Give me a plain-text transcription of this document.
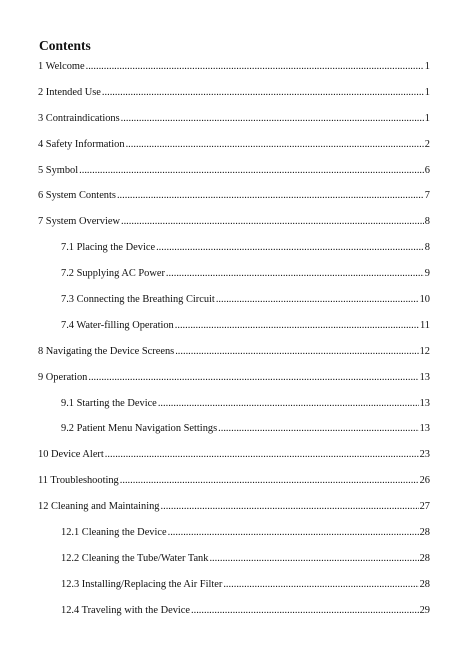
Contents
1 Welcome .....	1
2 Intended Use .....	1
3 Contraindications .....	1
4 Safety Information .....	2
5 Symbol .....	6
6 System Contents .....	7
7 System Overview .....	8
7.1 Placing the Device .....	8
7.2 Supplying AC Power .....	9
7.3 Connecting the Breathing Circuit .....	10
7.4 Water-filling Operation .....	11
8 Navigating the Device Screens .....	12
9 Operation .....	13
9.1 Starting the Device .....	13
9.2 Patient Menu Navigation Settings .....	13
10 Device Alert .....	23
11 Troubleshooting .....	26
12 Cleaning and Maintaining .....	27
12.1 Cleaning the Device .....	28
12.2 Cleaning the Tube/Water Tank .....	28
12.3 Installing/Replacing the Air Filter .....	28
12.4 Traveling with the Device .....	29
